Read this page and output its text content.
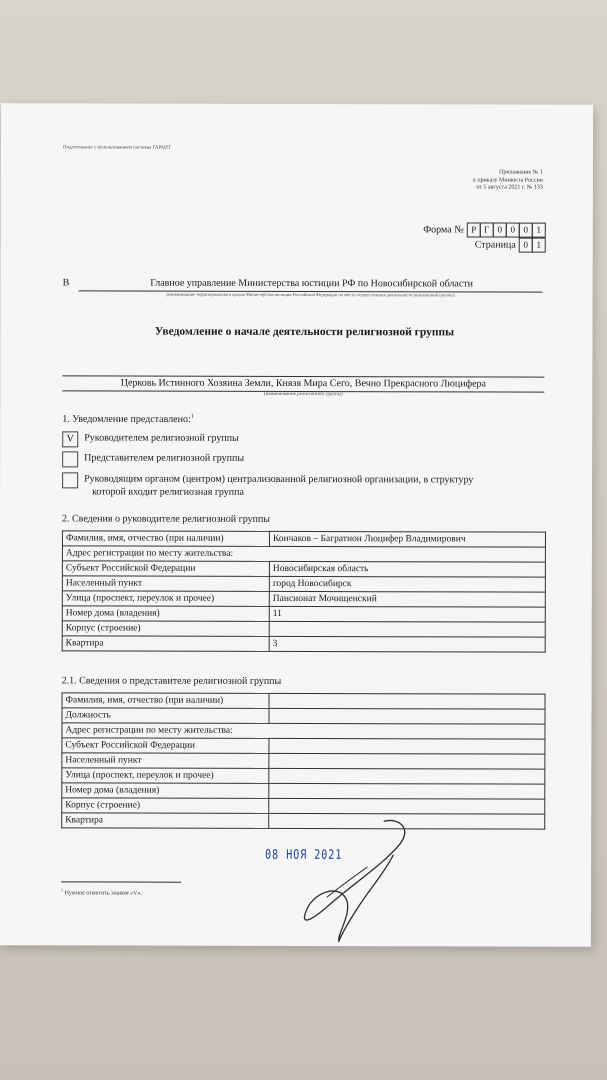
Подготовлено с использованием системы ГАРАНТ
Приложение № 1
к приказу Минюста России
от 5 августа 2021 г. № 133
Форма № Р Г 0 0 0 1
Страница 0 1
В	Главное управление Министерства юстиции РФ по Новосибирской области
(наименование территориального органа Министерства юстиции Российской Федерации по месту осуществления деятельности религиозной группы)
Уведомление о начале деятельности религиозной группы
Церковь Истинного Хозяина Земли, Князя Мира Сего, Вечно Прекрасного Люцифера
(наименование религиозной группы)
1. Уведомление представлено:$^1$
V	Руководителем религиозной группы
Представителем религиозной группы
Руководящим органом (центром) централизованной религиозной организации, в структуру
которой входит религиозная группа
2. Сведения о руководителе религиозной группы
Фамилия, имя, отчество (при наличии)	Кончаков – Багратион Люцифер Владимирович
Адрес регистрации по месту жительства:	
Субъект Российской Федерации	Новосибирская область
Населенный пункт	город Новосибирск
Улица (проспект, переулок и прочее)	Пансионат Мочищенский
Номер дома (владения)	11
Корпус (строение)	
Квартира	3
2.1. Сведения о представителе религиозной группы
Фамилия, имя, отчество (при наличии)	
Должность	
Адрес регистрации по месту жительства:	
Субъект Российской Федерации	
Населенный пункт	
Улица (проспект, переулок и прочее)	
Номер дома (владения)	
Корпус (строение)	
Квартира	
08 НОЯ 2021
$^1$ Нужное отметить знаком «V».
